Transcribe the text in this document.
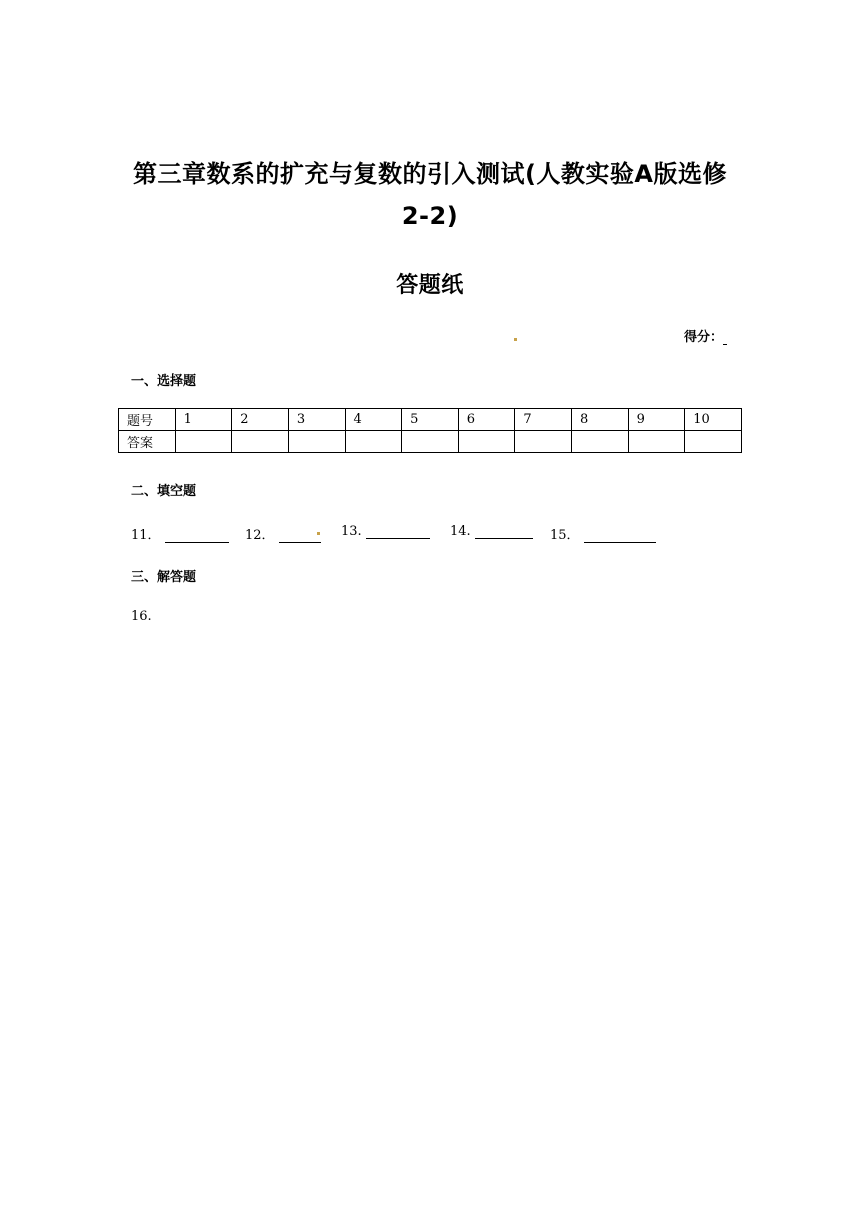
第三章数系的扩充与复数的引入测试(人教实验A版选修
2-2)
答题纸
得分：
一、选择题
题号	1	2	3	4	5	6	7	8	9	10
答案										
二、填空题
11．	12．	13.	14.	15．
三、解答题
16.
